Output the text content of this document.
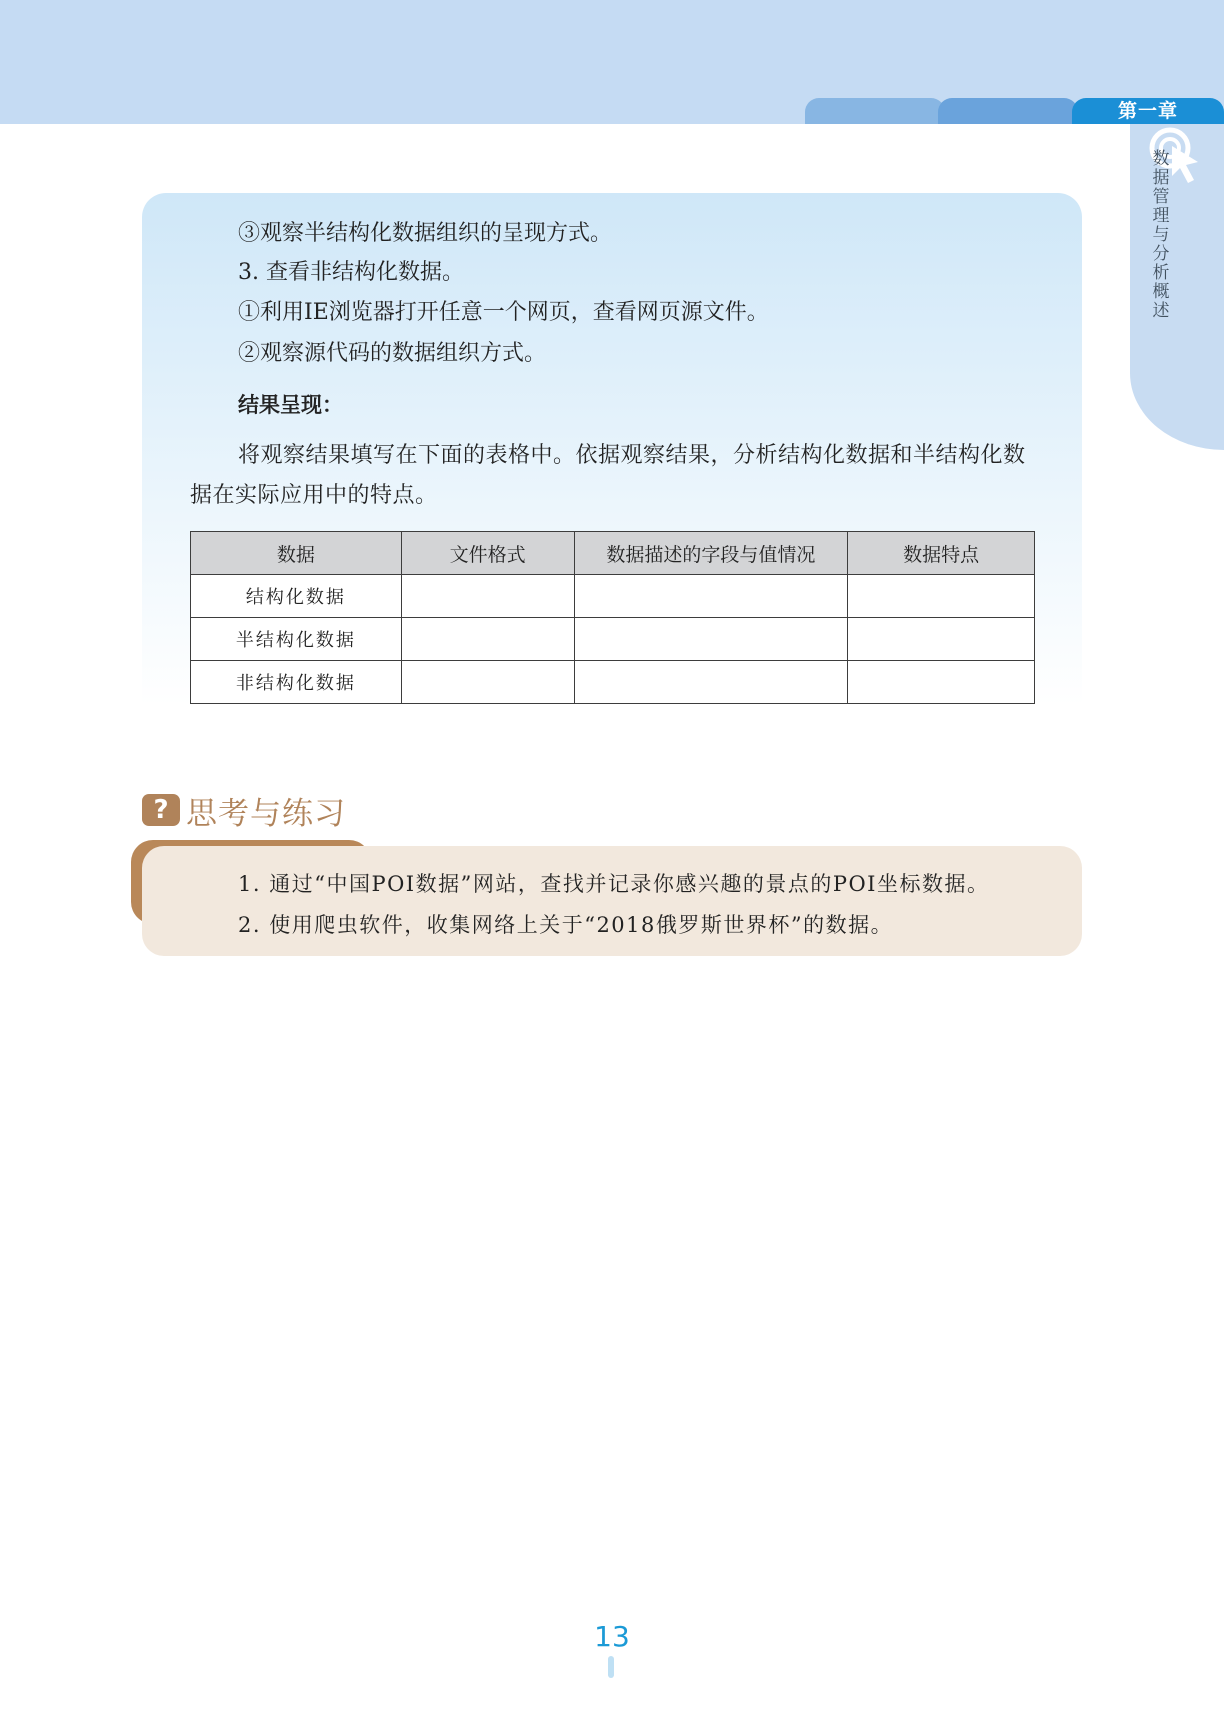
第一章
数据管理与分析概述
③观察半结构化数据组织的呈现方式。
3. 查看非结构化数据。
①利用IE浏览器打开任意一个网页，查看网页源文件。
②观察源代码的数据组织方式。
结果呈现：
将观察结果填写在下面的表格中。依据观察结果，分析结构化数据和半结构化数据在实际应用中的特点。
数据	文件格式	数据描述的字段与值情况	数据特点
结构化数据			
半结构化数据			
非结构化数据			
? 思考与练习
1. 通过“中国POI数据”网站，查找并记录你感兴趣的景点的POI坐标数据。
2. 使用爬虫软件，收集网络上关于“2018俄罗斯世界杯”的数据。
13
